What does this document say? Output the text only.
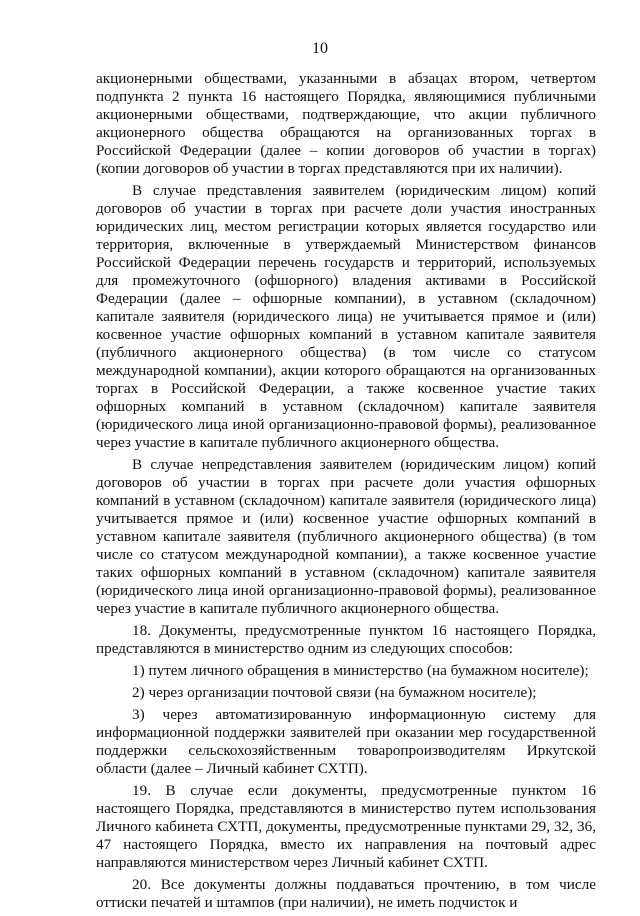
10

акционерными обществами, указанными в абзацах втором, четвертом подпункта 2 пункта 16 настоящего Порядка, являющимися публичными акционерными обществами, подтверждающие, что акции публичного акционерного общества обращаются на организованных торгах в Российской Федерации (далее – копии договоров об участии в торгах) (копии договоров об участии в торгах представляются при их наличии).

В случае представления заявителем (юридическим лицом) копий договоров об участии в торгах при расчете доли участия иностранных юридических лиц, местом регистрации которых является государство или территория, включенные в утверждаемый Министерством финансов Российской Федерации перечень государств и территорий, используемых для промежуточного (офшорного) владения активами в Российской Федерации (далее – офшорные компании), в уставном (складочном) капитале заявителя (юридического лица) не учитывается прямое и (или) косвенное участие офшорных компаний в уставном капитале заявителя (публичного акционерного общества) (в том числе со статусом международной компании), акции которого обращаются на организованных торгах в Российской Федерации, а также косвенное участие таких офшорных компаний в уставном (складочном) капитале заявителя (юридического лица иной организационно-правовой формы), реализованное через участие в капитале публичного акционерного общества.

В случае непредставления заявителем (юридическим лицом) копий договоров об участии в торгах при расчете доли участия офшорных компаний в уставном (складочном) капитале заявителя (юридического лица) учитывается прямое и (или) косвенное участие офшорных компаний в уставном капитале заявителя (публичного акционерного общества) (в том числе со статусом международной компании), а также косвенное участие таких офшорных компаний в уставном (складочном) капитале заявителя (юридического лица иной организационно-правовой формы), реализованное через участие в капитале публичного акционерного общества.

18. Документы, предусмотренные пунктом 16 настоящего Порядка, представляются в министерство одним из следующих способов:

1) путем личного обращения в министерство (на бумажном носителе);

2) через организации почтовой связи (на бумажном носителе);

3) через автоматизированную информационную систему для информационной поддержки заявителей при оказании мер государственной поддержки сельскохозяйственным товаропроизводителям Иркутской области (далее – Личный кабинет СХТП).

19. В случае если документы, предусмотренные пунктом 16 настоящего Порядка, представляются в министерство путем использования Личного кабинета СХТП, документы, предусмотренные пунктами 29, 32, 36, 47 настоящего Порядка, вместо их направления на почтовый адрес направляются министерством через Личный кабинет СХТП.

20. Все документы должны поддаваться прочтению, в том числе оттиски печатей и штампов (при наличии), не иметь подчисток и
